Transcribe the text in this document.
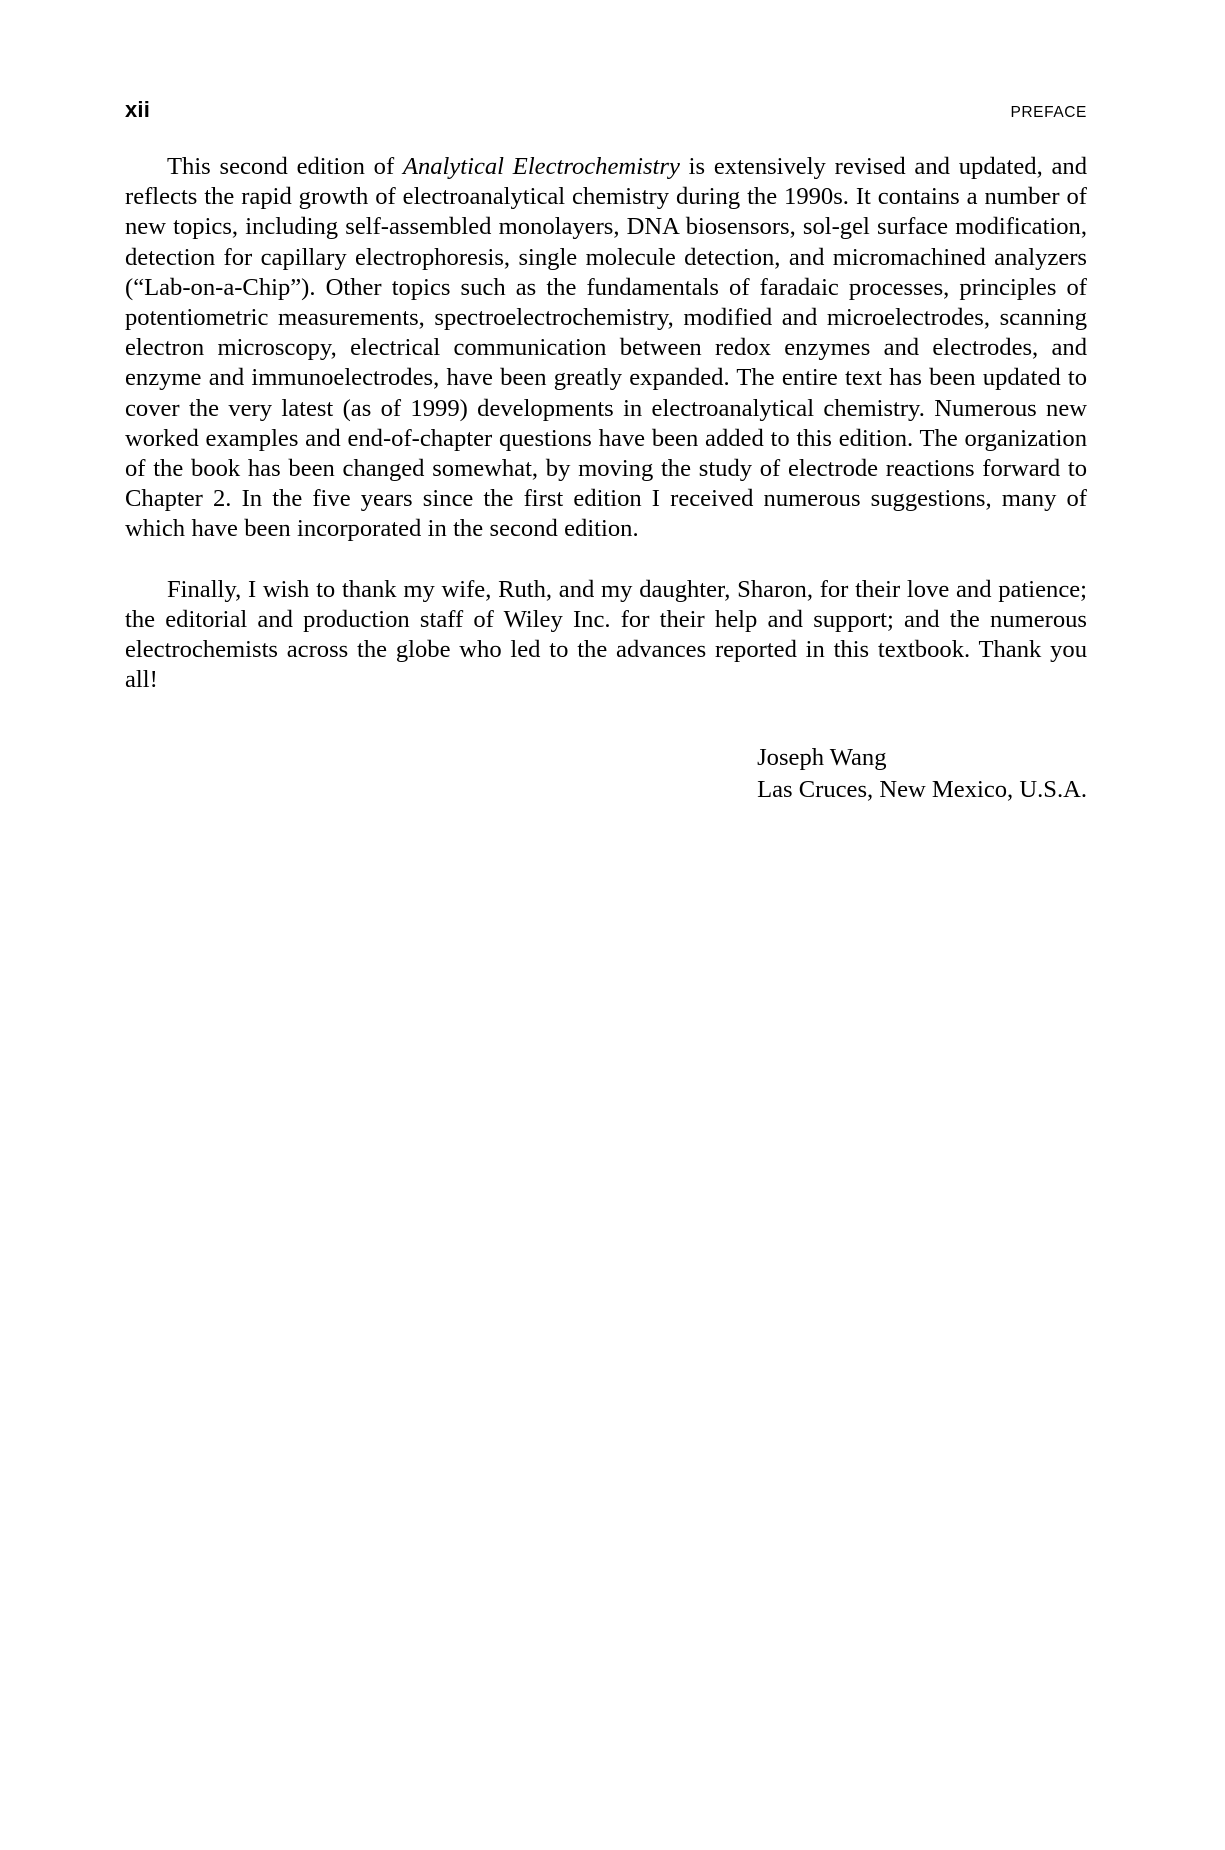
xii	PREFACE

This second edition of Analytical Electrochemistry is extensively revised and updated, and reflects the rapid growth of electroanalytical chemistry during the 1990s. It contains a number of new topics, including self-assembled monolayers, DNA biosensors, sol-gel surface modification, detection for capillary electrophoresis, single molecule detection, and micromachined analyzers (“Lab-on-a-Chip”). Other topics such as the fundamentals of faradaic processes, principles of potentiometric measurements, spectroelectrochemistry, modified and microelectrodes, scanning electron microscopy, electrical communication between redox enzymes and electrodes, and enzyme and immunoelectrodes, have been greatly expanded. The entire text has been updated to cover the very latest (as of 1999) developments in electroanalytical chemistry. Numerous new worked examples and end-of-chapter questions have been added to this edition. The organization of the book has been changed somewhat, by moving the study of electrode reactions forward to Chapter 2. In the five years since the first edition I received numerous suggestions, many of which have been incorporated in the second edition.

Finally, I wish to thank my wife, Ruth, and my daughter, Sharon, for their love and patience; the editorial and production staff of Wiley Inc. for their help and support; and the numerous electrochemists across the globe who led to the advances reported in this textbook. Thank you all!

Joseph Wang
Las Cruces, New Mexico, U.S.A.
